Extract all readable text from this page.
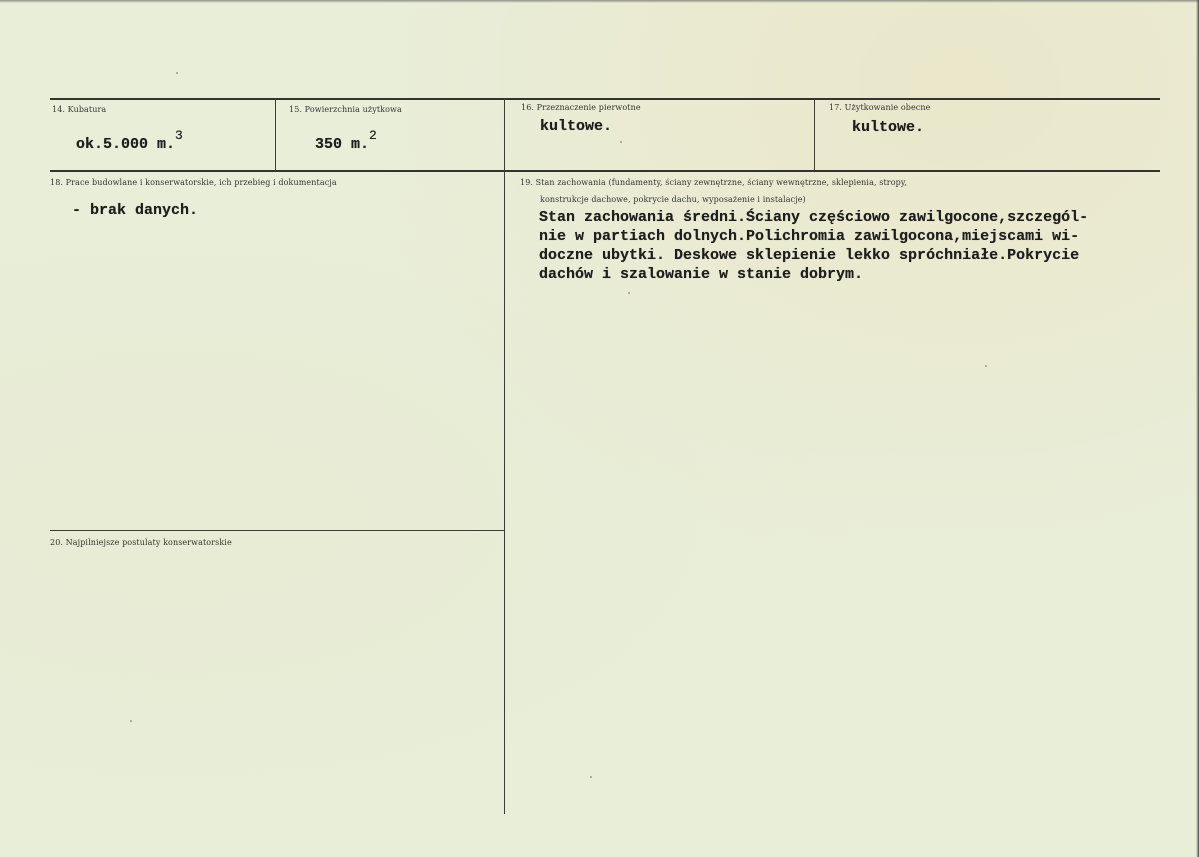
14. Kubatura
ok.5.000 m.$^3$
15. Powierzchnia użytkowa
350 m.$^2$
16. Przeznaczenie pierwotne
kultowe.
17. Użytkowanie obecne
kultowe.
18. Prace budowlane i konserwatorskie, ich przebieg i dokumentacja
- brak danych.
19. Stan zachowania (fundamenty, ściany zewnętrzne, ściany wewnętrzne, sklepienia, stropy,
konstrukcje dachowe, pokrycie dachu, wyposażenie i instalacje)
Stan zachowania średni.Ściany częściowo zawilgocone,szczegól-
nie w partiach dolnych.Polichromia zawilgocona,miejscami wi-
doczne ubytki. Deskowe sklepienie lekko spróchniałe.Pokrycie
dachów i szalowanie w stanie dobrym.
20. Najpilniejsze postulaty konserwatorskie
